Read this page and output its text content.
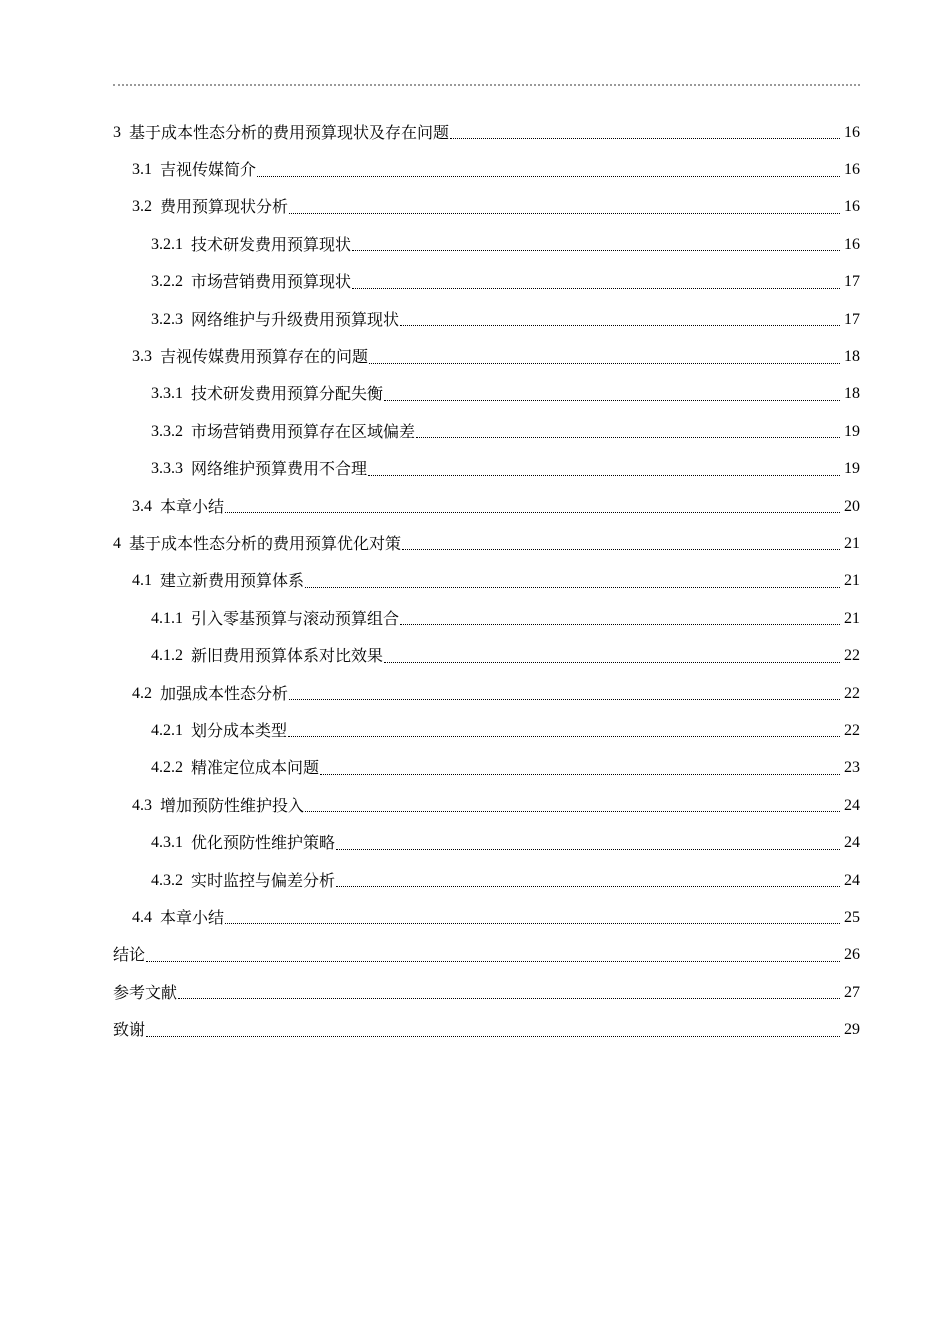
3 基于成本性态分析的费用预算现状及存在问题	16
3.1 吉视传媒简介	16
3.2 费用预算现状分析	16
3.2.1 技术研发费用预算现状	16
3.2.2 市场营销费用预算现状	17
3.2.3 网络维护与升级费用预算现状	17
3.3 吉视传媒费用预算存在的问题	18
3.3.1 技术研发费用预算分配失衡	18
3.3.2 市场营销费用预算存在区域偏差	19
3.3.3 网络维护预算费用不合理	19
3.4 本章小结	20
4 基于成本性态分析的费用预算优化对策	21
4.1 建立新费用预算体系	21
4.1.1 引入零基预算与滚动预算组合	21
4.1.2 新旧费用预算体系对比效果	22
4.2 加强成本性态分析	22
4.2.1 划分成本类型	22
4.2.2 精准定位成本问题	23
4.3 增加预防性维护投入	24
4.3.1 优化预防性维护策略	24
4.3.2 实时监控与偏差分析	24
4.4 本章小结	25
结论	26
参考文献	27
致谢	29
